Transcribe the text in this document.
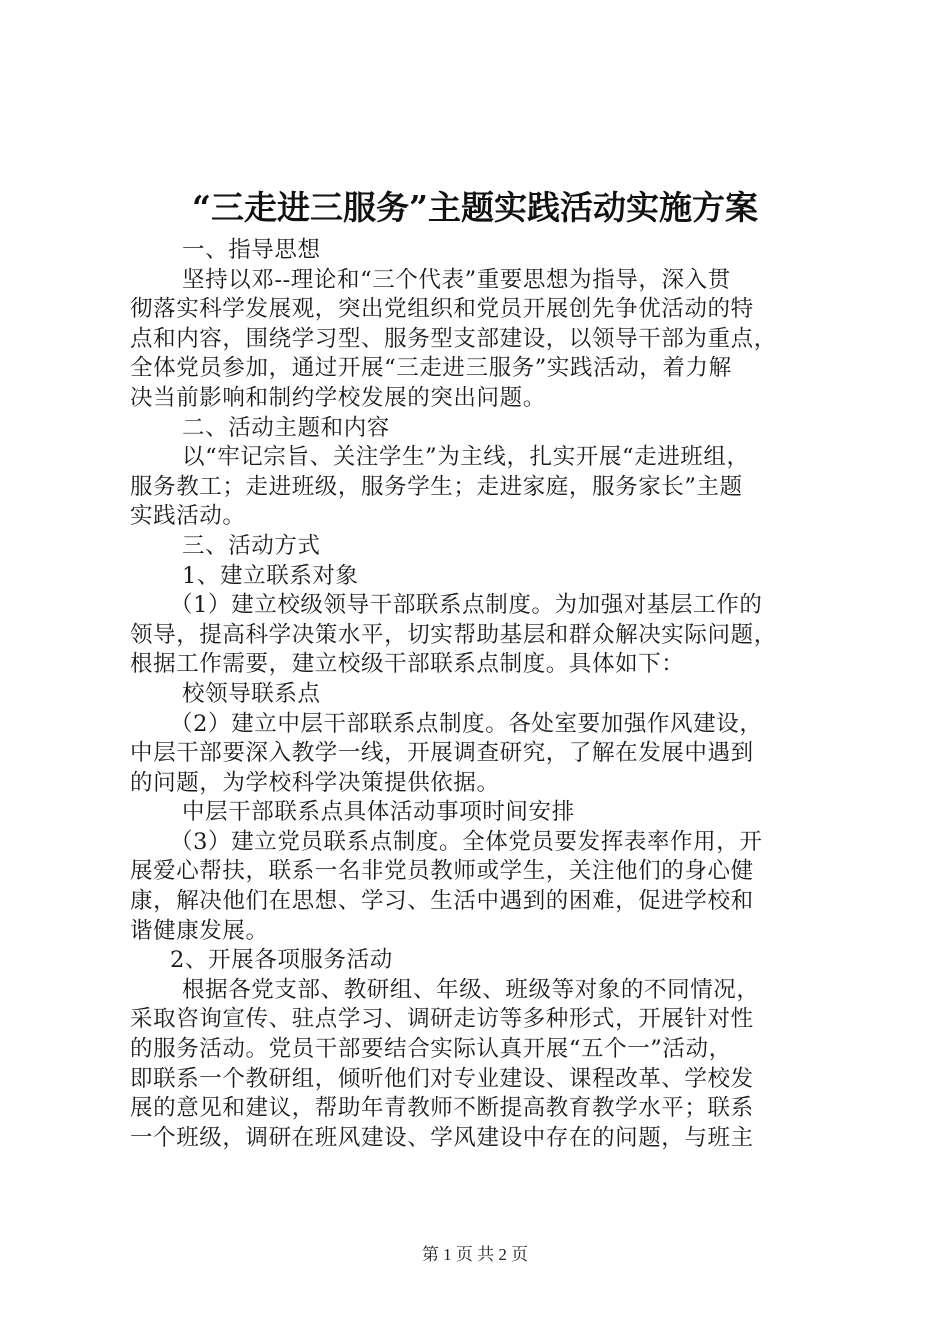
“三走进三服务”主题实践活动实施方案
一、指导思想
坚持以邓--理论和“三个代表”重要思想为指导，深入贯
彻落实科学发展观，突出党组织和党员开展创先争优活动的特
点和内容，围绕学习型、服务型支部建设，以领导干部为重点，
全体党员参加，通过开展“三走进三服务”实践活动，着力解
决当前影响和制约学校发展的突出问题。
二、活动主题和内容
以“牢记宗旨、关注学生”为主线，扎实开展“走进班组，
服务教工；走进班级，服务学生；走进家庭，服务家长”主题
实践活动。
三、活动方式
1、建立联系对象
（1）建立校级领导干部联系点制度。为加强对基层工作的
领导，提高科学决策水平，切实帮助基层和群众解决实际问题，
根据工作需要，建立校级干部联系点制度。具体如下：
校领导联系点
（2）建立中层干部联系点制度。各处室要加强作风建设，
中层干部要深入教学一线，开展调查研究，了解在发展中遇到
的问题，为学校科学决策提供依据。
中层干部联系点具体活动事项时间安排
（3）建立党员联系点制度。全体党员要发挥表率作用，开
展爱心帮扶，联系一名非党员教师或学生，关注他们的身心健
康，解决他们在思想、学习、生活中遇到的困难，促进学校和
谐健康发展。
2、开展各项服务活动
根据各党支部、教研组、年级、班级等对象的不同情况，
采取咨询宣传、驻点学习、调研走访等多种形式，开展针对性
的服务活动。党员干部要结合实际认真开展“五个一”活动，
即联系一个教研组，倾听他们对专业建设、课程改革、学校发
展的意见和建议，帮助年青教师不断提高教育教学水平；联系
一个班级，调研在班风建设、学风建设中存在的问题，与班主
第 1 页 共 2 页
